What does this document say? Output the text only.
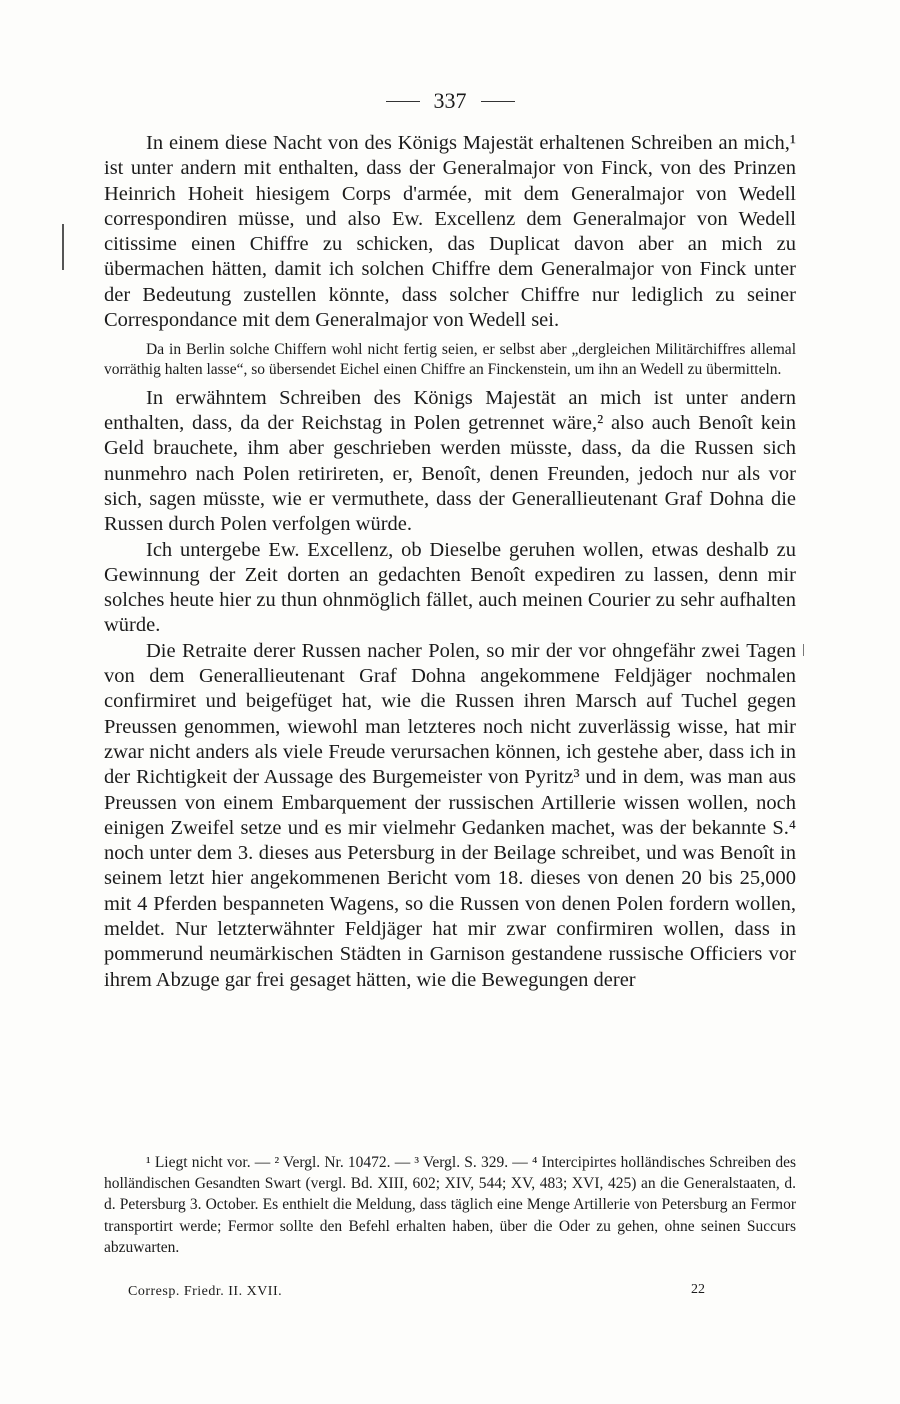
337

In einem diese Nacht von des Königs Majestät erhaltenen Schreiben an mich,¹ ist unter andern mit enthalten, dass der Generalmajor von Finck, von des Prinzen Heinrich Hoheit hiesigem Corps d'armée, mit dem Generalmajor von Wedell correspondiren müsse, und also Ew. Excellenz dem Generalmajor von Wedell citissime einen Chiffre zu schicken, das Duplicat davon aber an mich zu übermachen hätten, damit ich solchen Chiffre dem Generalmajor von Finck unter der Bedeutung zustellen könnte, dass solcher Chiffre nur lediglich zu seiner Correspondance mit dem Generalmajor von Wedell sei.

Da in Berlin solche Chiffern wohl nicht fertig seien, er selbst aber „dergleichen Militärchiffres allemal vorräthig halten lasse“, so übersendet Eichel einen Chiffre an Finckenstein, um ihn an Wedell zu übermitteln.

In erwähntem Schreiben des Königs Majestät an mich ist unter andern enthalten, dass, da der Reichstag in Polen getrennet wäre,² also auch Benoît kein Geld brauchete, ihm aber geschrieben werden müsste, dass, da die Russen sich nunmehro nach Polen retirireten, er, Benoît, denen Freunden, jedoch nur als vor sich, sagen müsste, wie er vermuthete, dass der Generallieutenant Graf Dohna die Russen durch Polen verfolgen würde.

Ich untergebe Ew. Excellenz, ob Dieselbe geruhen wollen, etwas deshalb zu Gewinnung der Zeit dorten an gedachten Benoît expediren zu lassen, denn mir solches heute hier zu thun ohnmöglich fället, auch meinen Courier zu sehr aufhalten würde.

Die Retraite derer Russen nacher Polen, so mir der vor ohngefähr zwei Tagen von dem Generallieutenant Graf Dohna angekommene Feldjäger nochmalen confirmiret und beigefüget hat, wie die Russen ihren Marsch auf Tuchel gegen Preussen genommen, wiewohl man letzteres noch nicht zuverlässig wisse, hat mir zwar nicht anders als viele Freude verursachen können, ich gestehe aber, dass ich in der Richtigkeit der Aussage des Burgemeister von Pyritz³ und in dem, was man aus Preussen von einem Embarquement der russischen Artillerie wissen wollen, noch einigen Zweifel setze und es mir vielmehr Gedanken machet, was der bekannte S.⁴ noch unter dem 3. dieses aus Petersburg in der Beilage schreibet, und was Benoît in seinem letzt hier angekommenen Bericht vom 18. dieses von denen 20 bis 25,000 mit 4 Pferden bespanneten Wagens, so die Russen von denen Polen fordern wollen, meldet. Nur letzterwähnter Feldjäger hat mir zwar confirmiren wollen, dass in pommerund neumärkischen Städten in Garnison gestandene russische Officiers vor ihrem Abzuge gar frei gesaget hätten, wie die Bewegungen derer

¹ Liegt nicht vor. — ² Vergl. Nr. 10472. — ³ Vergl. S. 329. — ⁴ Intercipirtes holländisches Schreiben des holländischen Gesandten Swart (vergl. Bd. XIII, 602; XIV, 544; XV, 483; XVI, 425) an die Generalstaaten, d. d. Petersburg 3. October. Es enthielt die Meldung, dass täglich eine Menge Artillerie von Petersburg an Fermor transportirt werde; Fermor sollte den Befehl erhalten haben, über die Oder zu gehen, ohne seinen Succurs abzuwarten.

Corresp. Friedr. II. XVII.	22
